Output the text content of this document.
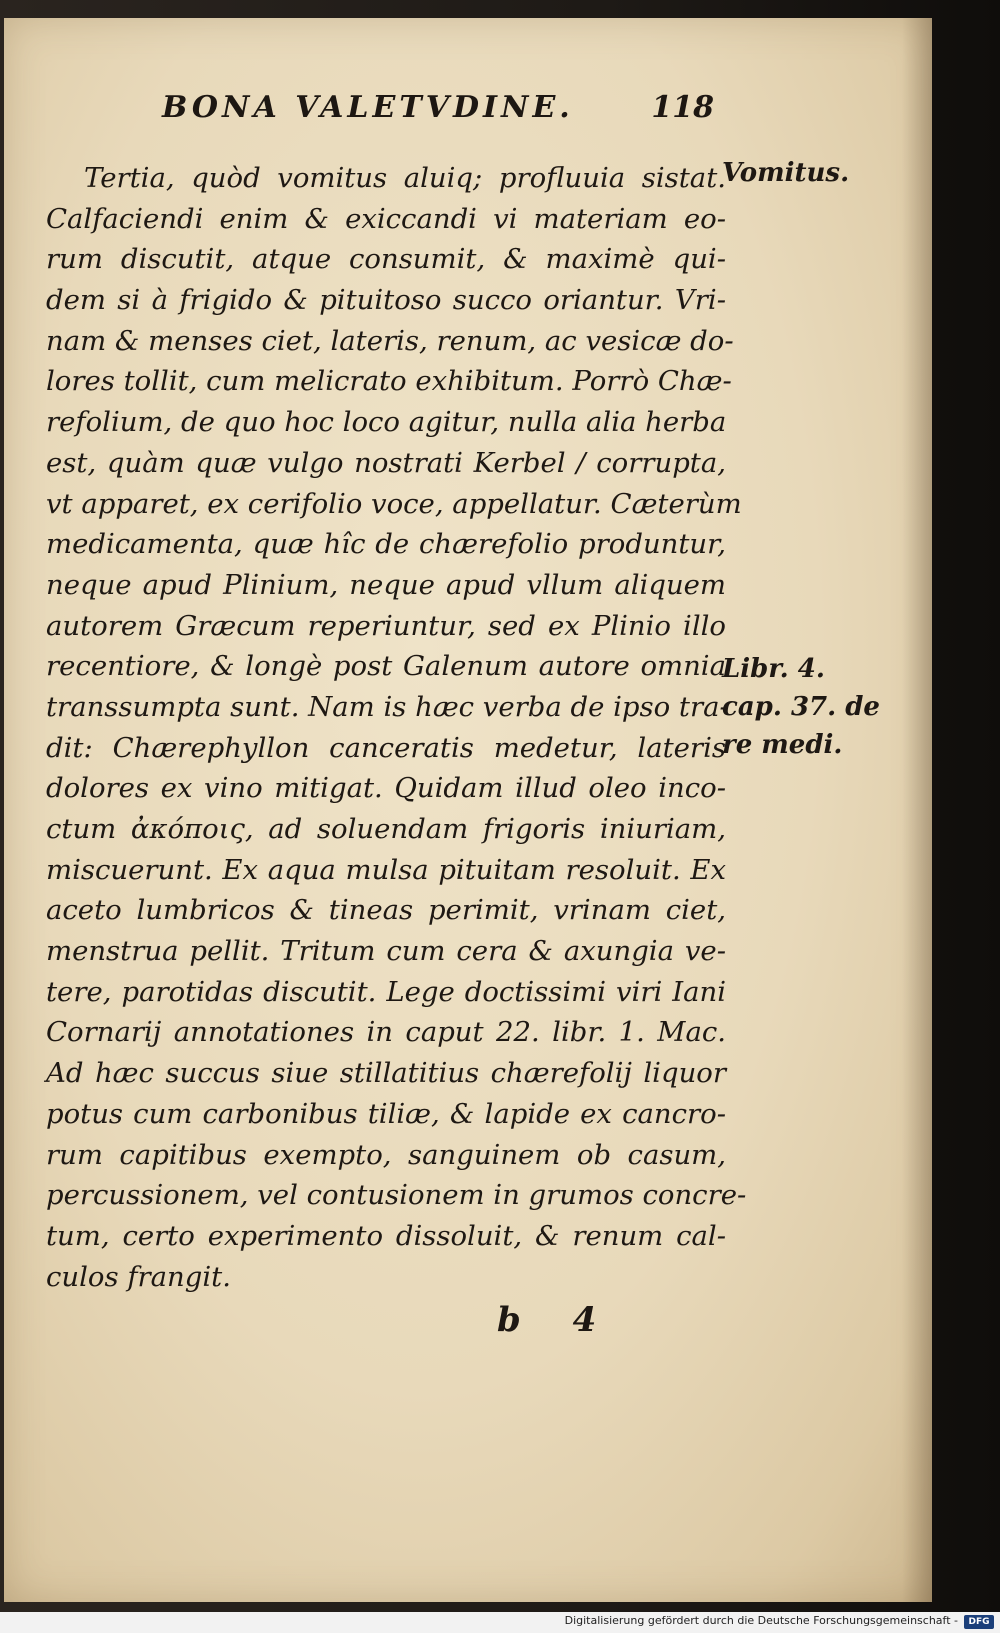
BONA VALETVDINE.	118
Tertia, quòd vomitus aluiq; profluuia sistat.
Calfaciendi enim & exiccandi vi materiam eo-
rum discutit, atque consumit, & maximè qui-
dem si à frigido & pituitoso succo oriantur. Vri-
nam & menses ciet, lateris, renum, ac vesicæ do-
lores tollit, cum melicrato exhibitum. Porrò Chæ-
refolium, de quo hoc loco agitur, nulla alia herba
est, quàm quæ vulgo nostrati Kerbel / corrupta,
vt apparet, ex cerifolio voce, appellatur. Cæterùm
medicamenta, quæ hîc de chærefolio produntur,
neque apud Plinium, neque apud vllum aliquem
autorem Græcum reperiuntur, sed ex Plinio illo
recentiore, & longè post Galenum autore omnia
transsumpta sunt. Nam is hæc verba de ipso tra-
dit: Chærephyllon canceratis medetur, lateris
dolores ex vino mitigat. Quidam illud oleo inco-
ctum ἀκόποις, ad soluendam frigoris iniuriam,
miscuerunt. Ex aqua mulsa pituitam resoluit. Ex
aceto lumbricos & tineas perimit, vrinam ciet,
menstrua pellit. Tritum cum cera & axungia ve-
tere, parotidas discutit. Lege doctissimi viri Iani
Cornarij annotationes in caput 22. libr. 1. Mac.
Ad hæc succus siue stillatitius chærefolij liquor
potus cum carbonibus tiliæ, & lapide ex cancro-
rum capitibus exempto, sanguinem ob casum,
percussionem, vel contusionem in grumos concre-
tum, certo experimento dissoluit, & renum cal-
culos frangit.
Vomitus.
Libr. 4.
cap. 37. de
re medi.
b 4
Digitalisierung gefördert durch die Deutsche Forschungsgemeinschaft -	DFG
